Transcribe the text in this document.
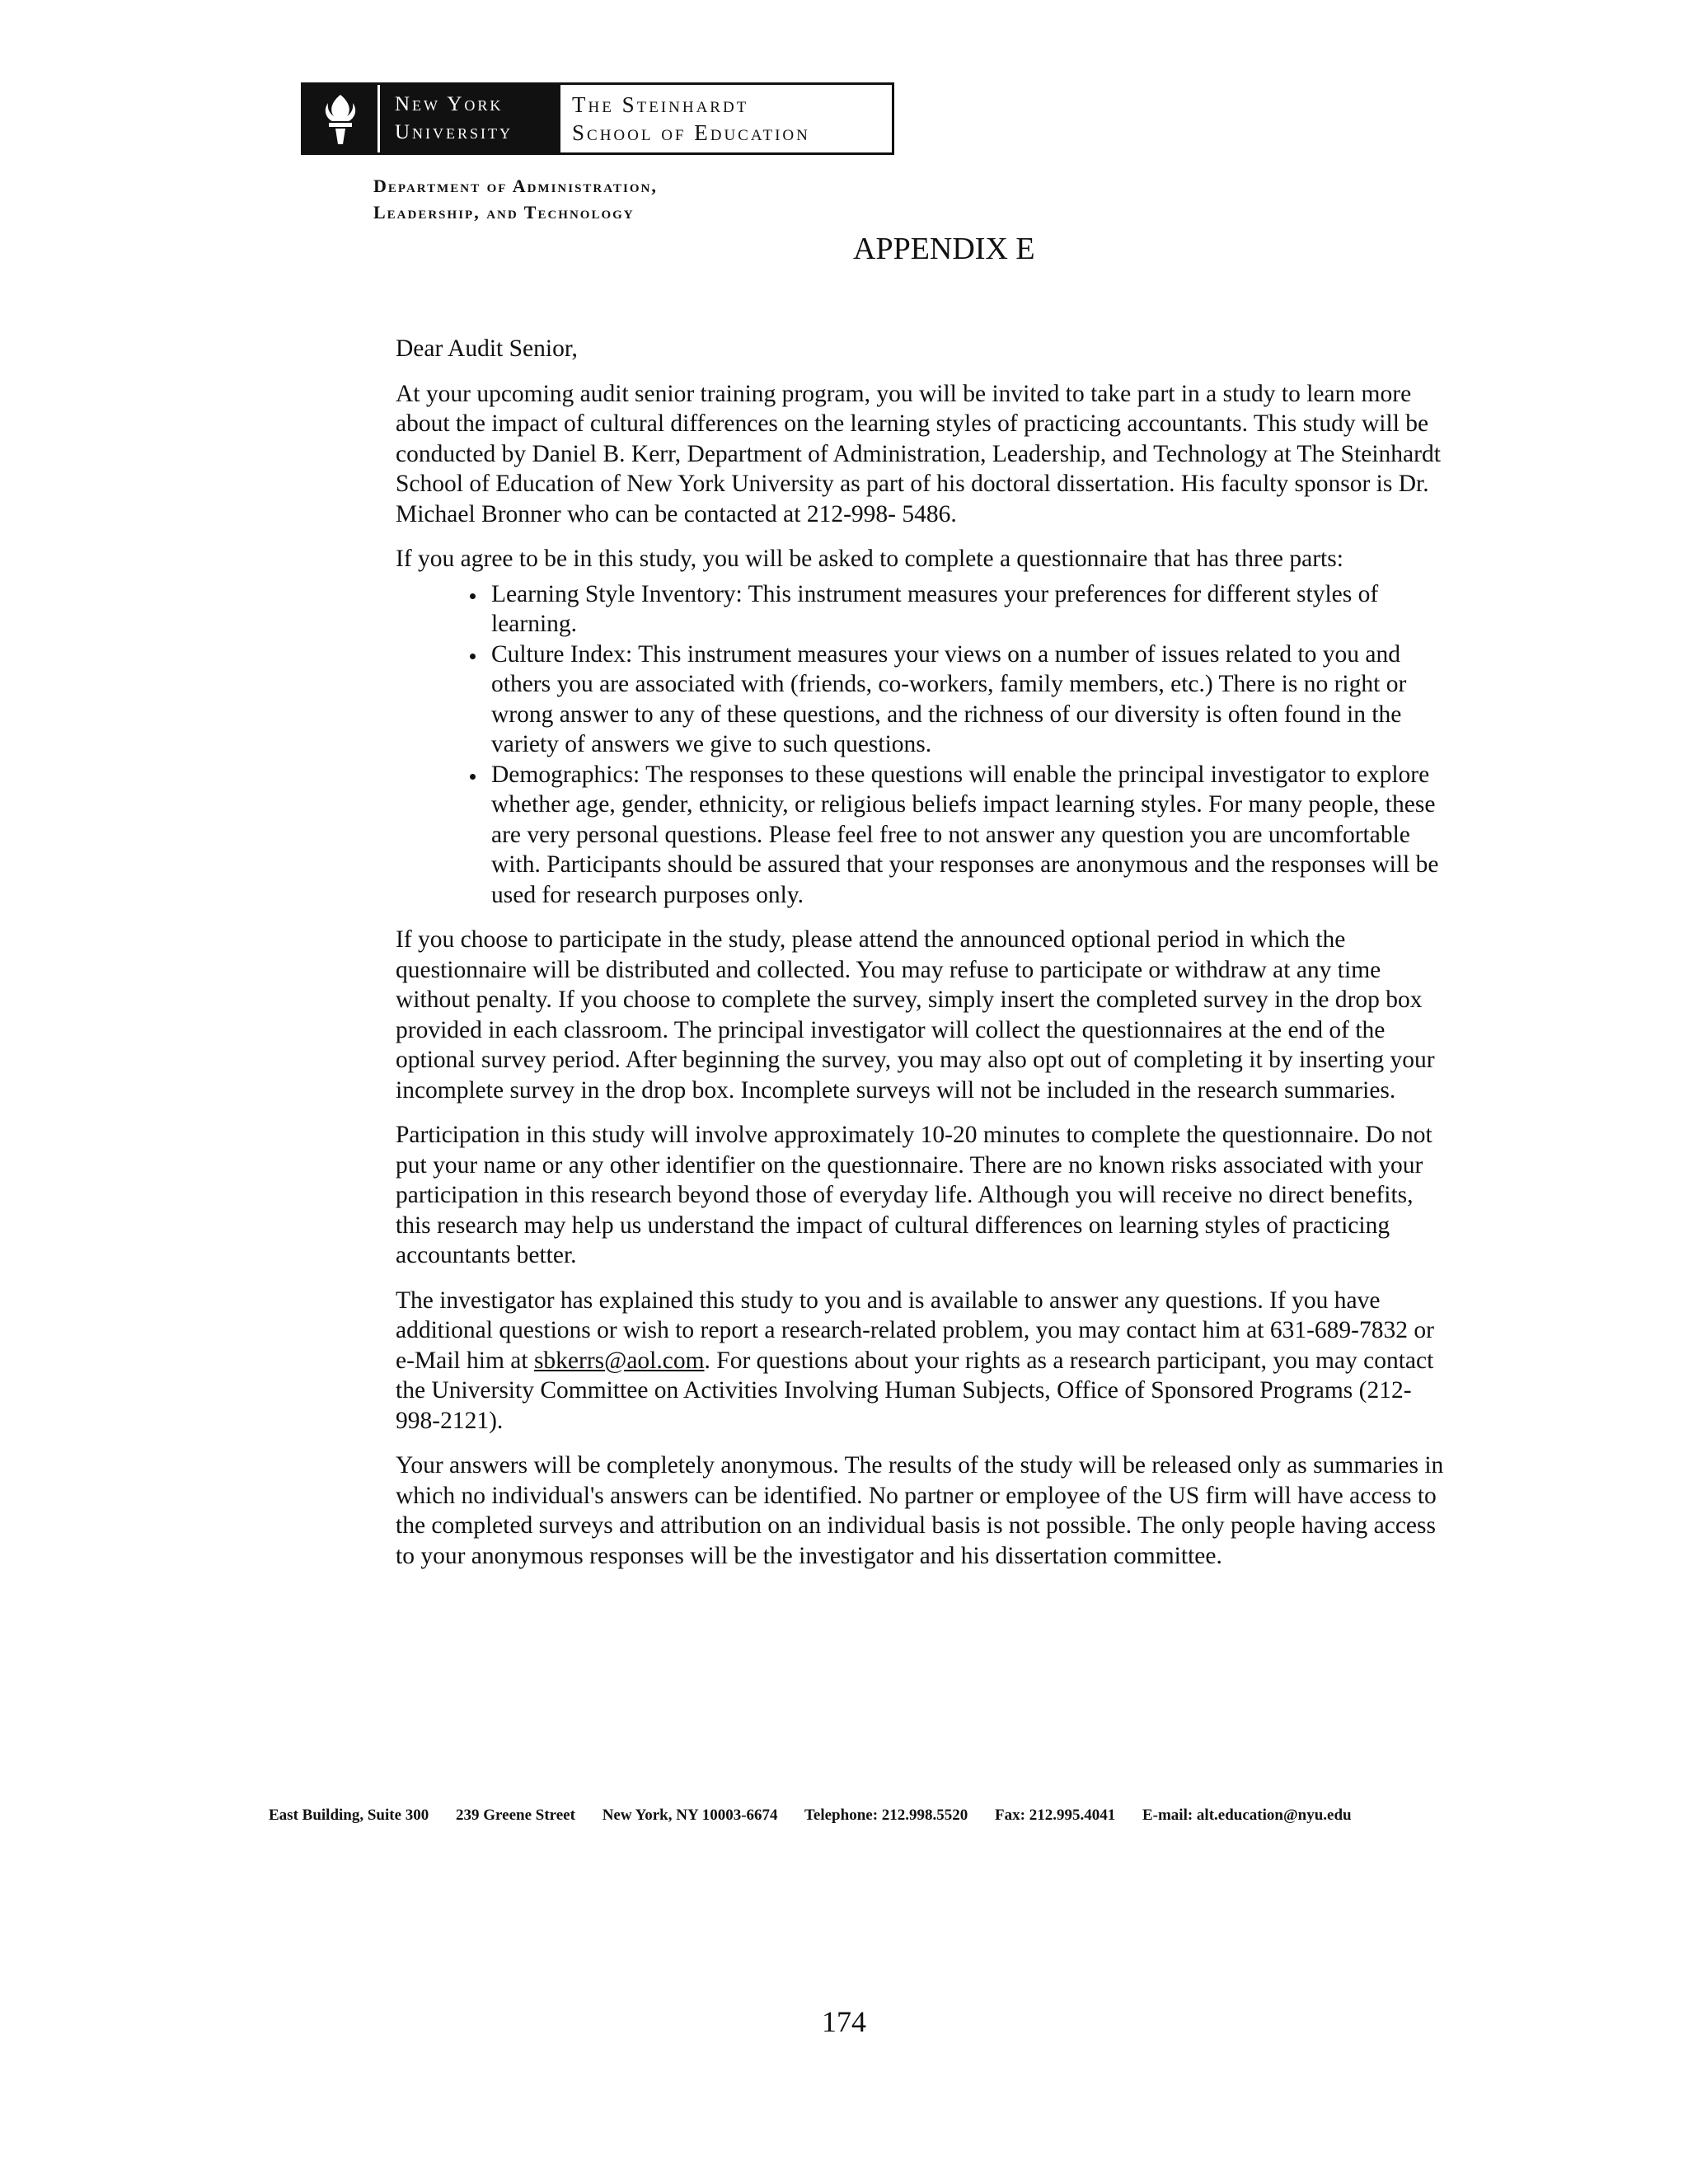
New York
University
The Steinhardt
School of Education
Department of Administration,
Leadership, and Technology
APPENDIX E

Dear Audit Senior,

At your upcoming audit senior training program, you will be invited to take part in a study to learn more about the impact of cultural differences on the learning styles of practicing accountants. This study will be conducted by Daniel B. Kerr, Department of Administration, Leadership, and Technology at The Steinhardt School of Education of New York University as part of his doctoral dissertation. His faculty sponsor is Dr. Michael Bronner who can be contacted at 212-998- 5486.

If you agree to be in this study, you will be asked to complete a questionnaire that has three parts:

• Learning Style Inventory: This instrument measures your preferences for different styles of learning.
• Culture Index: This instrument measures your views on a number of issues related to you and others you are associated with (friends, co-workers, family members, etc.) There is no right or wrong answer to any of these questions, and the richness of our diversity is often found in the variety of answers we give to such questions.
• Demographics: The responses to these questions will enable the principal investigator to explore whether age, gender, ethnicity, or religious beliefs impact learning styles. For many people, these are very personal questions. Please feel free to not answer any question you are uncomfortable with. Participants should be assured that your responses are anonymous and the responses will be used for research purposes only.

If you choose to participate in the study, please attend the announced optional period in which the questionnaire will be distributed and collected. You may refuse to participate or withdraw at any time without penalty. If you choose to complete the survey, simply insert the completed survey in the drop box provided in each classroom. The principal investigator will collect the questionnaires at the end of the optional survey period. After beginning the survey, you may also opt out of completing it by inserting your incomplete survey in the drop box. Incomplete surveys will not be included in the research summaries.

Participation in this study will involve approximately 10-20 minutes to complete the questionnaire. Do not put your name or any other identifier on the questionnaire. There are no known risks associated with your participation in this research beyond those of everyday life. Although you will receive no direct benefits, this research may help us understand the impact of cultural differences on learning styles of practicing accountants better.

The investigator has explained this study to you and is available to answer any questions. If you have additional questions or wish to report a research-related problem, you may contact him at 631-689-7832 or e-Mail him at sbkerrs@aol.com. For questions about your rights as a research participant, you may contact the University Committee on Activities Involving Human Subjects, Office of Sponsored Programs (212-998-2121).

Your answers will be completely anonymous. The results of the study will be released only as summaries in which no individual's answers can be identified. No partner or employee of the US firm will have access to the completed surveys and attribution on an individual basis is not possible. The only people having access to your anonymous responses will be the investigator and his dissertation committee.

East Building, Suite 300 239 Greene Street New York, NY 10003-6674 Telephone: 212.998.5520 Fax: 212.995.4041 E-mail: alt.education@nyu.edu
174
